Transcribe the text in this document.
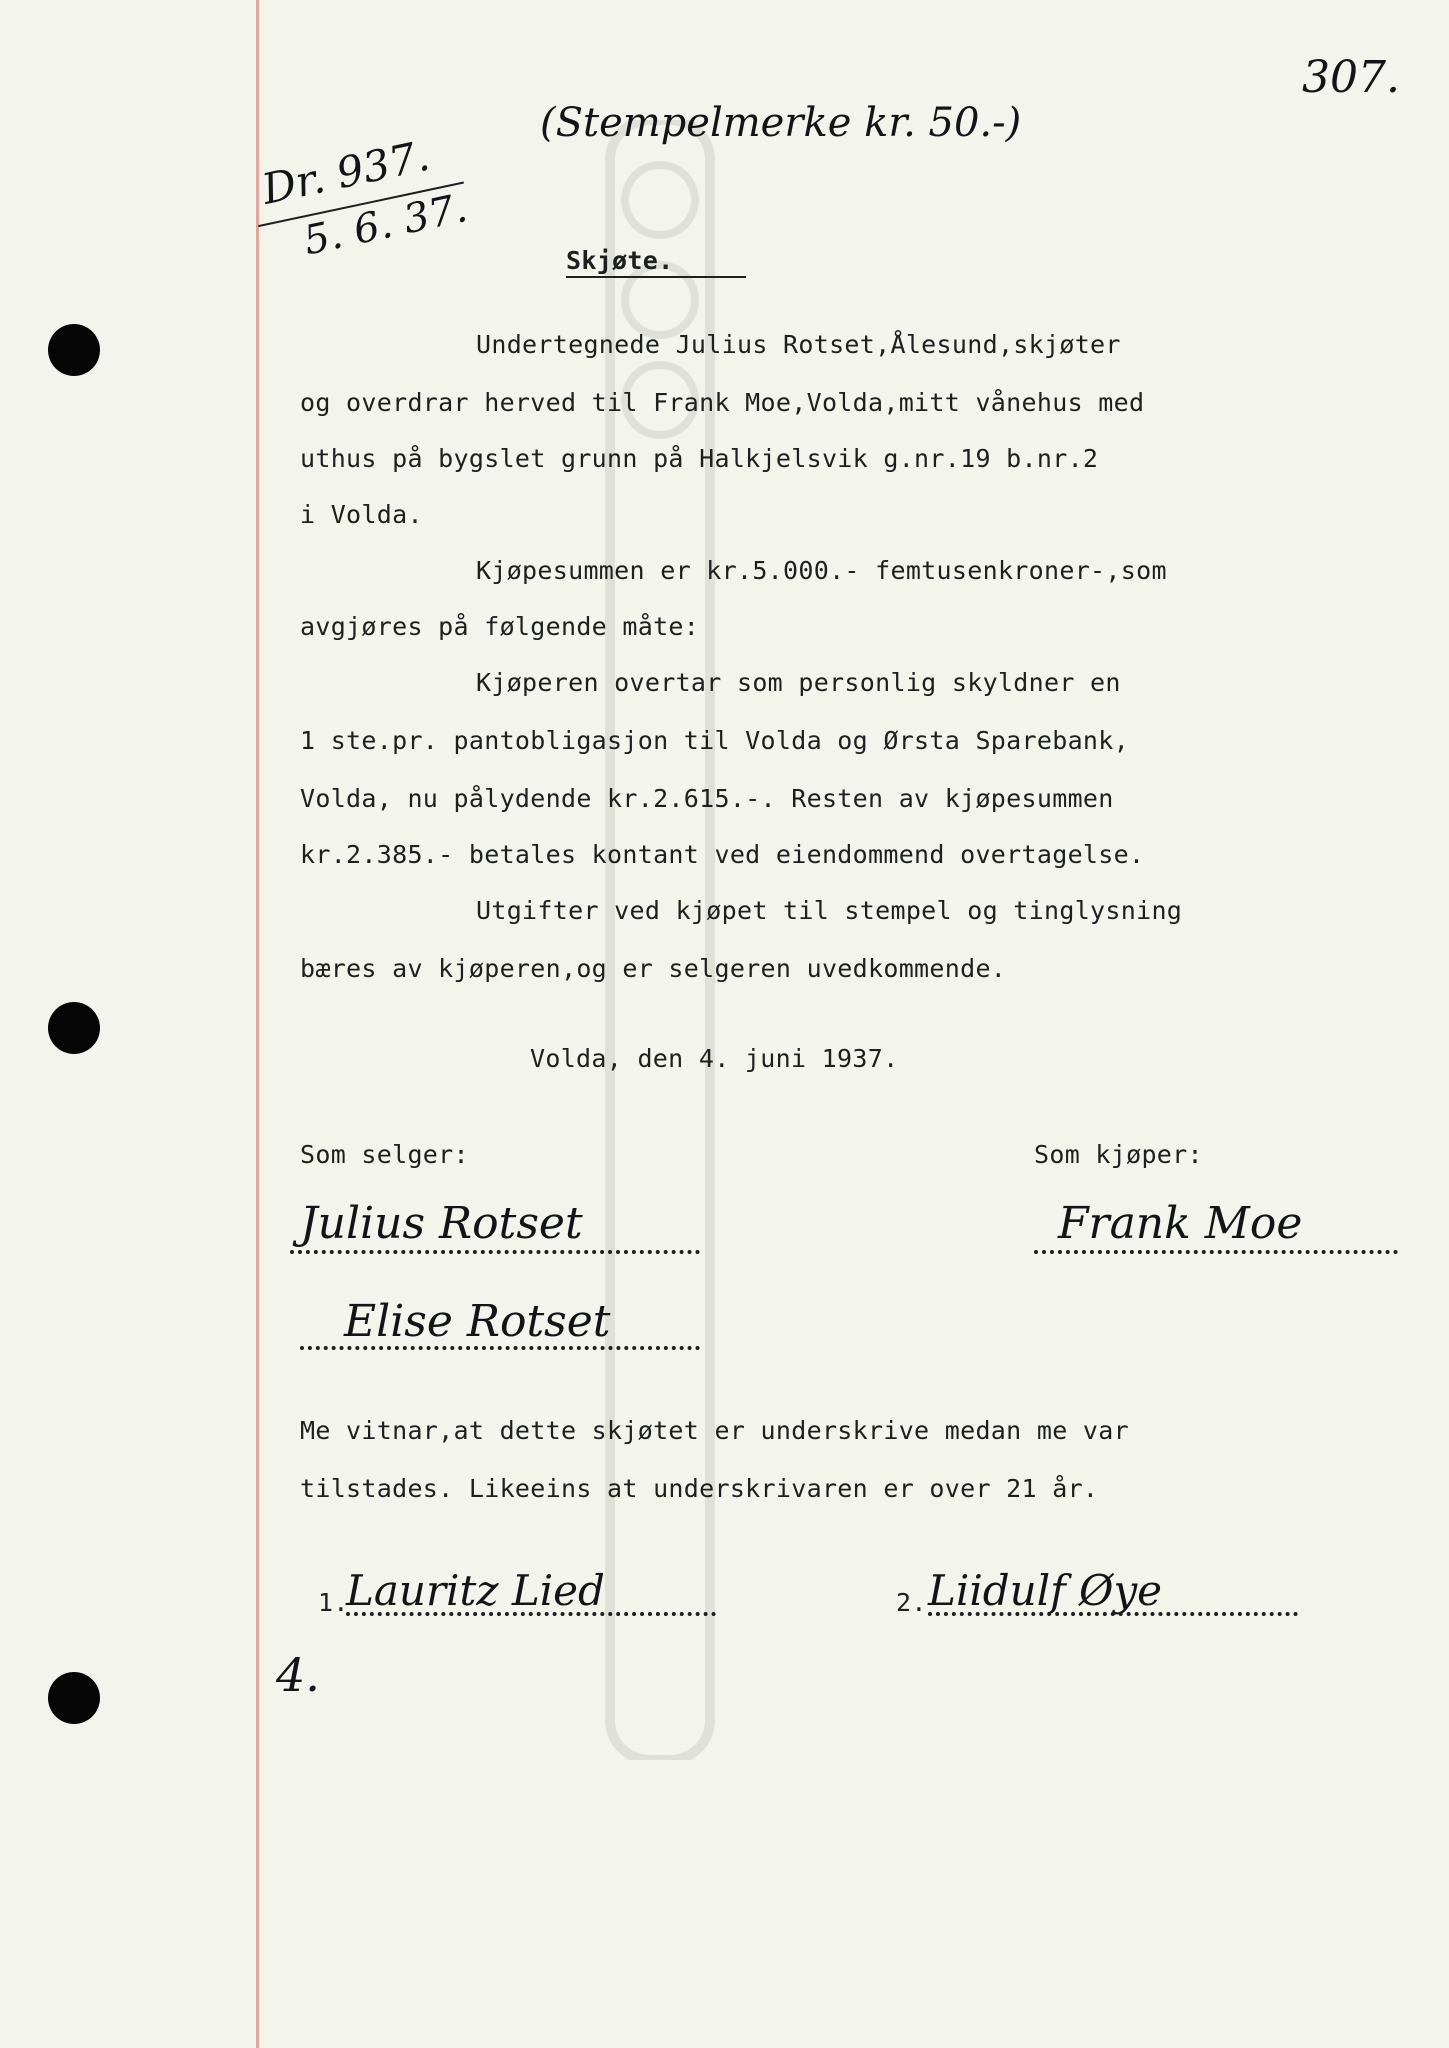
(Stempelmerke kr. 50.-)

307.

Dr. 937.

5. 6. 37.	Skjøte.

Undertegnede Julius Rotset,Ålesund,skjøter

og overdrar herved til Frank Moe,Volda,mitt vånehus med

uthus på bygslet grunn på Halkjelsvik g.nr.19 b.nr.2

i Volda.

Kjøpesummen er kr.5.000.- femtusenkroner-,som

avgjøres på følgende måte:

Kjøperen overtar som personlig skyldner en

1 ste.pr. pantobligasjon til Volda og Ørsta Sparebank,

Volda, nu pålydende kr.2.615.-. Resten av kjøpesummen

kr.2.385.- betales kontant ved eiendommend overtagelse.

Utgifter ved kjøpet til stempel og tinglysning

bæres av kjøperen,og er selgeren uvedkommende.

Volda, den 4. juni 1937.

Som selger:	Som kjøper:

Julius Rotset	Frank Moe

Elise Rotset

Me vitnar,at dette skjøtet er underskrive medan me var

tilstades. Likeeins at underskrivaren er over 21 år.

1.

Lauritz Lied	2. Liidulf Øye

4.
